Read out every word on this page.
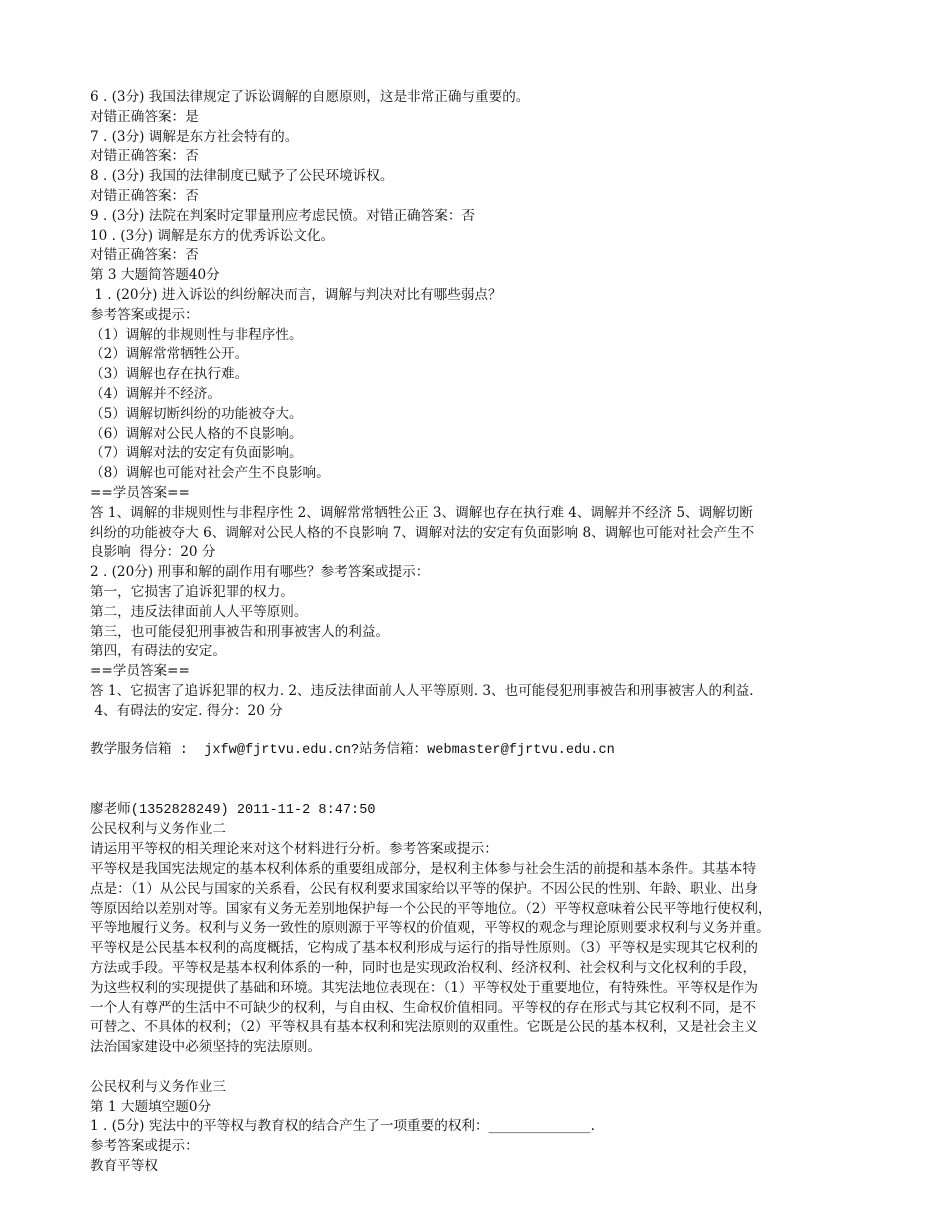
6 . (3分) 我国法律规定了诉讼调解的自愿原则，这是非常正确与重要的。
对错正确答案：是
7 . (3分) 调解是东方社会特有的。
对错正确答案：否
8 . (3分) 我国的法律制度已赋予了公民环境诉权。
对错正确答案：否
9 . (3分) 法院在判案时定罪量刑应考虑民愤。对错正确答案：否
10 . (3分) 调解是东方的优秀诉讼文化。
对错正确答案：否
第 3 大题简答题40分
1 . (20分) 进入诉讼的纠纷解决而言，调解与判决对比有哪些弱点？
参考答案或提示：
（1）调解的非规则性与非程序性。
（2）调解常常牺牲公开。
（3）调解也存在执行难。
（4）调解并不经济。
（5）调解切断纠纷的功能被夺大。
（6）调解对公民人格的不良影响。
（7）调解对法的安定有负面影响。
（8）调解也可能对社会产生不良影响。
==学员答案==
答 1、调解的非规则性与非程序性 2、调解常常牺牲公正 3、调解也存在执行难 4、调解并不经济 5、调解切断
纠纷的功能被夺大 6、调解对公民人格的不良影响 7、调解对法的安定有负面影响 8、调解也可能对社会产生不
良影响  得分：20 分
2 . (20分) 刑事和解的副作用有哪些？参考答案或提示：
第一，它损害了追诉犯罪的权力。
第二，违反法律面前人人平等原则。
第三，也可能侵犯刑事被告和刑事被害人的利益。
第四，有碍法的安定。
==学员答案==
答 1、它损害了追诉犯罪的权力. 2、违反法律面前人人平等原则. 3、也可能侵犯刑事被告和刑事被害人的利益.
4、有碍法的安定. 得分：20 分
教学服务信箱 :  jxfw@fjrtvu.edu.cn?站务信箱：webmaster@fjrtvu.edu.cn
廖老师(1352828249) 2011-11-2 8:47:50
公民权利与义务作业二
请运用平等权的相关理论来对这个材料进行分析。参考答案或提示：
平等权是我国宪法规定的基本权利体系的重要组成部分，是权利主体参与社会生活的前提和基本条件。其基本特
点是：（1）从公民与国家的关系看，公民有权利要求国家给以平等的保护。不因公民的性别、年龄、职业、出身
等原因给以差别对等。国家有义务无差别地保护每一个公民的平等地位。（2）平等权意味着公民平等地行使权利，
平等地履行义务。权利与义务一致性的原则源于平等权的价值观，平等权的观念与理论原则要求权利与义务并重。
平等权是公民基本权利的高度概括，它构成了基本权利形成与运行的指导性原则。（3）平等权是实现其它权利的
方法或手段。平等权是基本权利体系的一种，同时也是实现政治权利、经济权利、社会权利与文化权利的手段，
为这些权利的实现提供了基础和环境。其宪法地位表现在：（1）平等权处于重要地位，有特殊性。平等权是作为
一个人有尊严的生活中不可缺少的权利，与自由权、生命权价值相同。平等权的存在形式与其它权利不同，是不
可替之、不具体的权利；（2）平等权具有基本权利和宪法原则的双重性。它既是公民的基本权利，又是社会主义
法治国家建设中必须坚持的宪法原则。
公民权利与义务作业三
第 1 大题填空题0分
1 . (5分) 宪法中的平等权与教育权的结合产生了一项重要的权利：_______________.
参考答案或提示：
教育平等权
